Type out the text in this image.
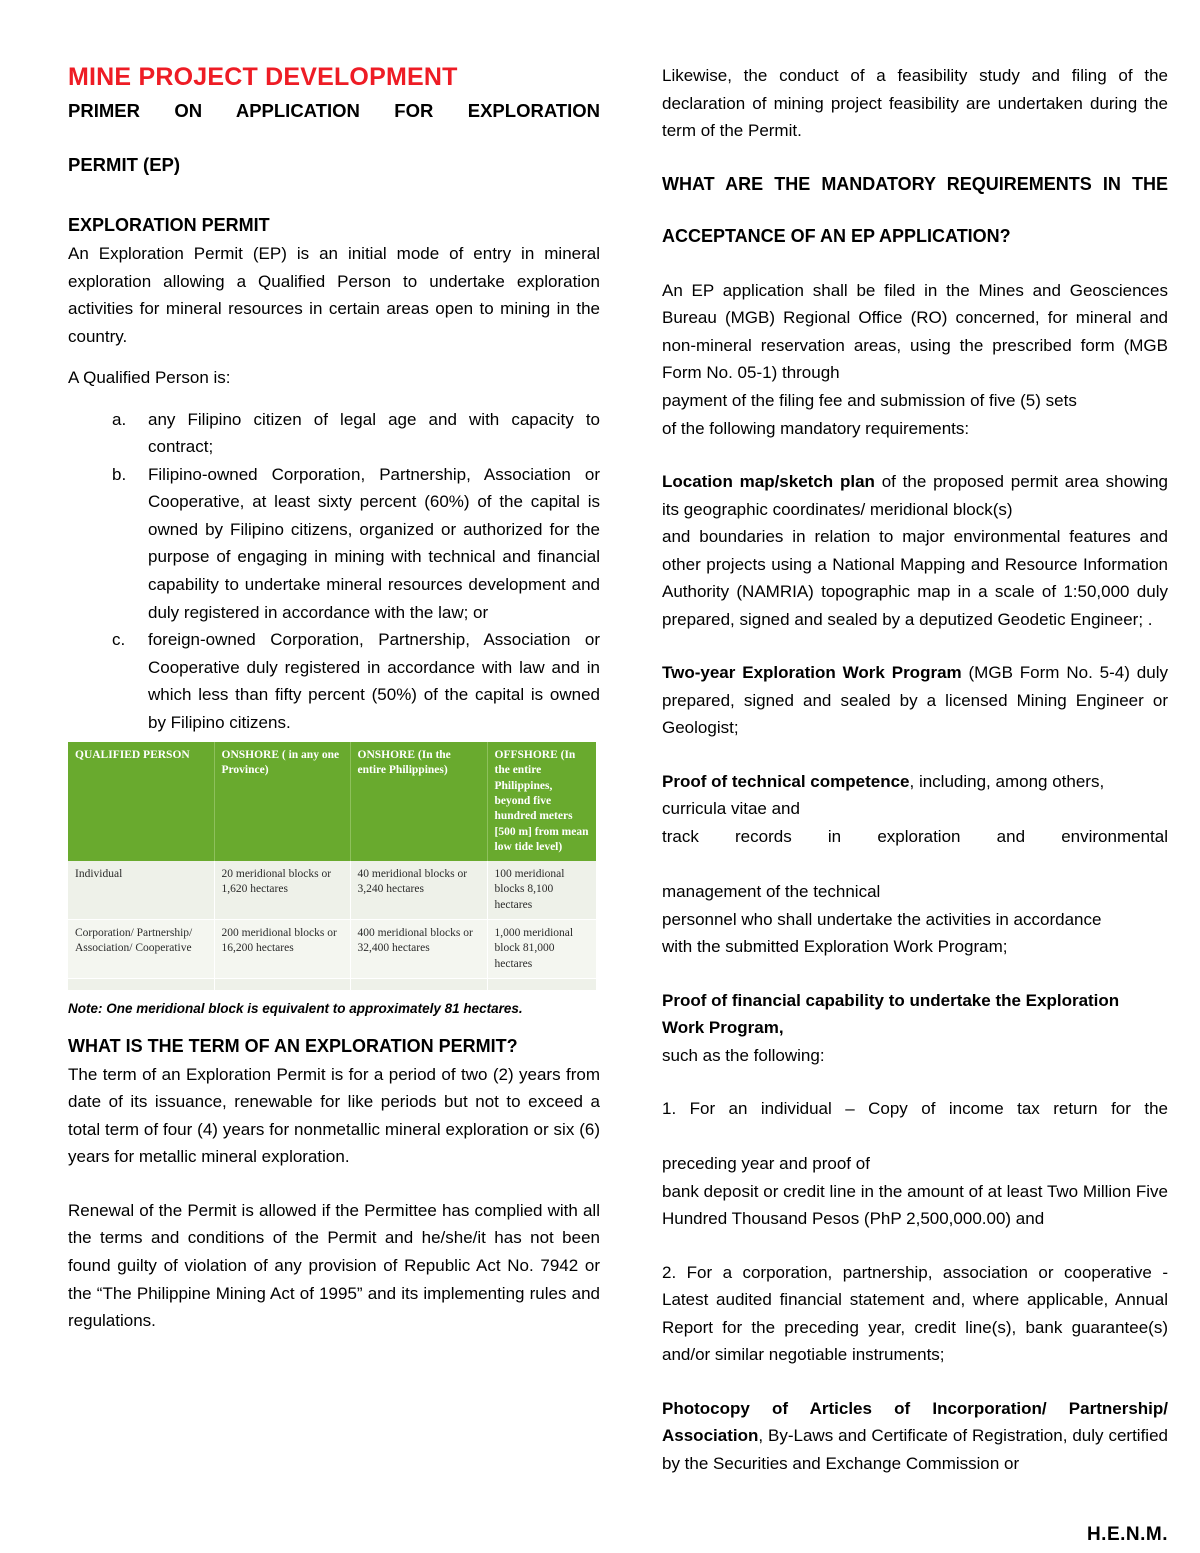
MINE PROJECT DEVELOPMENT
PRIMER ON APPLICATION FOR EXPLORATION
PERMIT (EP)
EXPLORATION PERMIT

An Exploration Permit (EP) is an initial mode of entry in mineral exploration allowing a Qualified Person to undertake exploration activities for mineral resources in certain areas open to mining in the country.

A Qualified Person is:

any Filipino citizen of legal age and with capacity to contract;
Filipino-owned Corporation, Partnership, Association or Cooperative, at least sixty percent (60%) of the capital is owned by Filipino citizens, organized or authorized for the purpose of engaging in mining with technical and financial capability to undertake mineral resources development and duly registered in accordance with the law; or
foreign-owned Corporation, Partnership, Association or Cooperative duly registered in accordance with law and in which less than fifty percent (50%) of the capital is owned by Filipino citizens.
QUALIFIED PERSON	ONSHORE ( in any one Province)	ONSHORE (In the entire Philippines)	OFFSHORE (In the entire Philippines, beyond five hundred meters [500 m] from mean low tide level)
Individual	20 meridional blocks or 1,620 hectares	40 meridional blocks or 3,240 hectares	100 meridional blocks 8,100 hectares
Corporation/ Partnership/ Association/ Cooperative	200 meridional blocks or 16,200 hectares	400 meridional blocks or 32,400 hectares	1,000 meridional block 81,000 hectares

Note: One meridional block is equivalent to approximately 81 hectares.

WHAT IS THE TERM OF AN EXPLORATION PERMIT?

The term of an Exploration Permit is for a period of two (2) years from date of its issuance, renewable for like periods but not to exceed a total term of four (4) years for nonmetallic mineral exploration or six (6) years for metallic mineral exploration.

Renewal of the Permit is allowed if the Permittee has complied with all the terms and conditions of the Permit and he/she/it has not been found guilty of violation of any provision of Republic Act No. 7942 or the “The Philippine Mining Act of 1995” and its implementing rules and regulations.

Likewise, the conduct of a feasibility study and filing of the declaration of mining project feasibility are undertaken during the term of the Permit.

WHAT ARE THE MANDATORY REQUIREMENTS IN THE
ACCEPTANCE OF AN EP APPLICATION?

An EP application shall be filed in the Mines and Geosciences Bureau (MGB) Regional Office (RO) concerned, for mineral and non-mineral reservation areas, using the prescribed form (MGB Form No. 05-1) through

payment of the filing fee and submission of five (5) sets

of the following mandatory requirements:

Location map/sketch plan of the proposed permit area showing its geographic coordinates/ meridional block(s)

and boundaries in relation to major environmental features and other projects using a National Mapping and Resource Information Authority (NAMRIA) topographic map in a scale of 1:50,000 duly prepared, signed and sealed by a deputized Geodetic Engineer; .

Two-year Exploration Work Program (MGB Form No. 5-4) duly prepared, signed and sealed by a licensed Mining Engineer or Geologist;

Proof of technical competence, including, among others,

curricula vitae and

track records in exploration and environmental

management of the technical

personnel who shall undertake the activities in accordance

with the submitted Exploration Work Program;

Proof of financial capability to undertake the Exploration

Work Program,

such as the following:

1. For an individual – Copy of income tax return for the

preceding year and proof of

bank deposit or credit line in the amount of at least Two Million Five Hundred Thousand Pesos (PhP 2,500,000.00) and

2. For a corporation, partnership, association or cooperative - Latest audited financial statement and, where applicable, Annual Report for the preceding year, credit line(s), bank guarantee(s) and/or similar negotiable instruments;

Photocopy of Articles of Incorporation/ Partnership/ Association, By-Laws and Certificate of Registration, duly certified by the Securities and Exchange Commission or

H.E.N.M.
